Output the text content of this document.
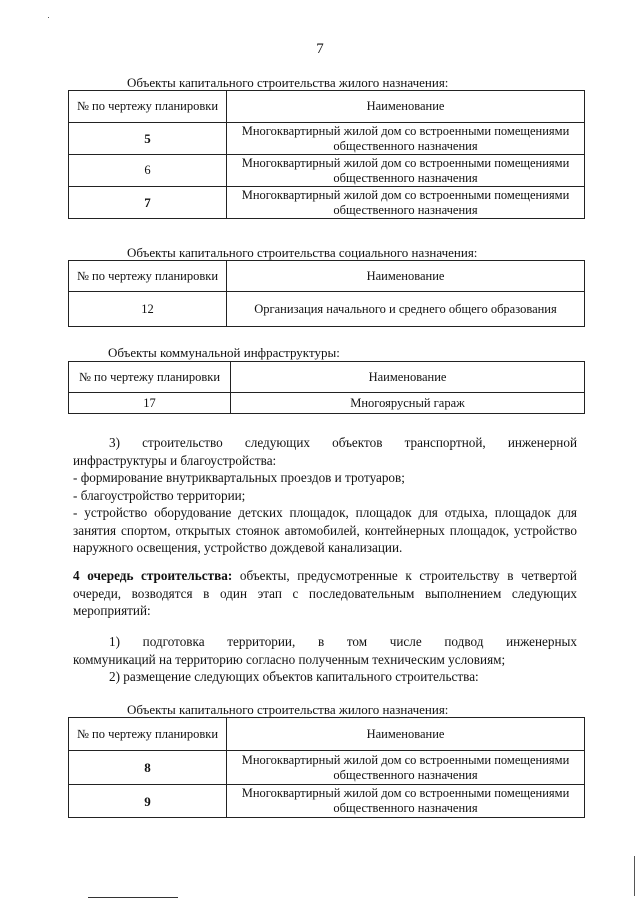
7
Объекты капитального строительства жилого назначения:
№ по чертежу планировки	Наименование
5	Многоквартирный жилой дом со встроенными помещениями общественного назначения
6	Многоквартирный жилой дом со встроенными помещениями общественного назначения
7	Многоквартирный жилой дом со встроенными помещениями общественного назначения
Объекты капитального строительства социального назначения:
№ по чертежу планировки	Наименование
12	Организация начального и среднего общего образования
Объекты коммунальной инфраструктуры:
№ по чертежу планировки	Наименование
17	Многоярусный гараж

3) строительство следующих объектов транспортной, инженерной

инфраструктуры и благоустройства:

- формирование внутриквартальных проездов и тротуаров;

- благоустройство территории;

- устройство оборудование детских площадок, площадок для отдыха, площадок для занятия спортом, открытых стоянок автомобилей, контейнерных площадок, устройство наружного освещения, устройство дождевой канализации.

4 очередь строительства: объекты, предусмотренные к строительству в четвертой очереди, возводятся в один этап с последовательным выполнением следующих мероприятий:

1) подготовка территории, в том числе подвод инженерных

коммуникаций на территорию согласно полученным техническим условиям;

2) размещение следующих объектов капитального строительства:

Объекты капитального строительства жилого назначения:
№ по чертежу планировки	Наименование
8	Многоквартирный жилой дом со встроенными помещениями общественного назначения
9	Многоквартирный жилой дом со встроенными помещениями общественного назначения
